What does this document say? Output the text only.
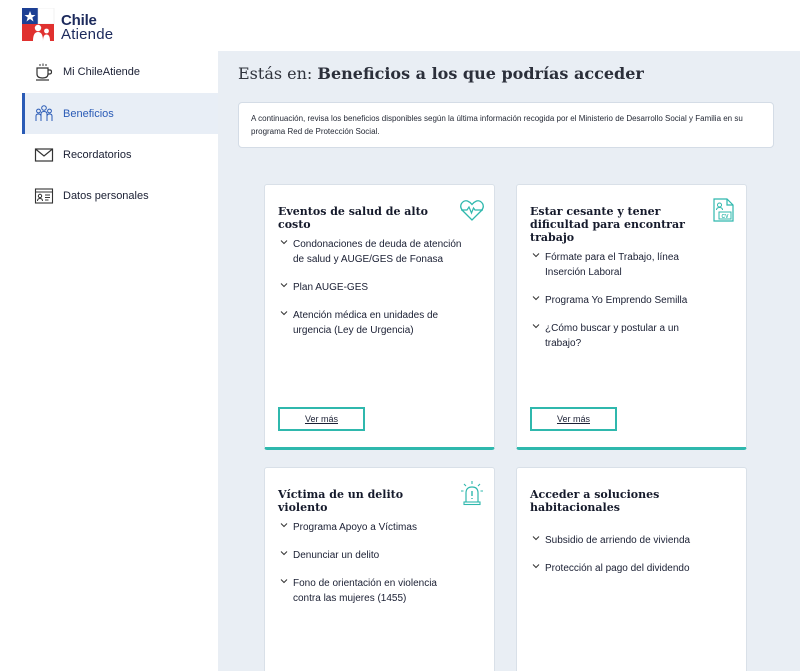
Chile
Atiende
Mi ChileAtiende
Beneficios
Recordatorios
Datos personales
Estás en: Beneficios a los que podrías acceder
A continuación, revisa los beneficios disponibles según la última información recogida por el Ministerio de Desarrollo Social y Familia en su programa Red de Protección Social.
Eventos de salud de alto costo
Condonaciones de deuda de atención de salud y AUGE/GES de Fonasa
Plan AUGE-GES
Atención médica en unidades de urgencia (Ley de Urgencia)
Ver más
Estar cesante y tener dificultad para encontrar trabajo
CV
Fórmate para el Trabajo, línea Inserción Laboral
Programa Yo Emprendo Semilla
¿Cómo buscar y postular a un trabajo?
Ver más
Víctima de un delito violento
Programa Apoyo a Víctimas
Denunciar un delito
Fono de orientación en violencia contra las mujeres (1455)
Acceder a soluciones habitacionales
Subsidio de arriendo de vivienda
Protección al pago del dividendo
